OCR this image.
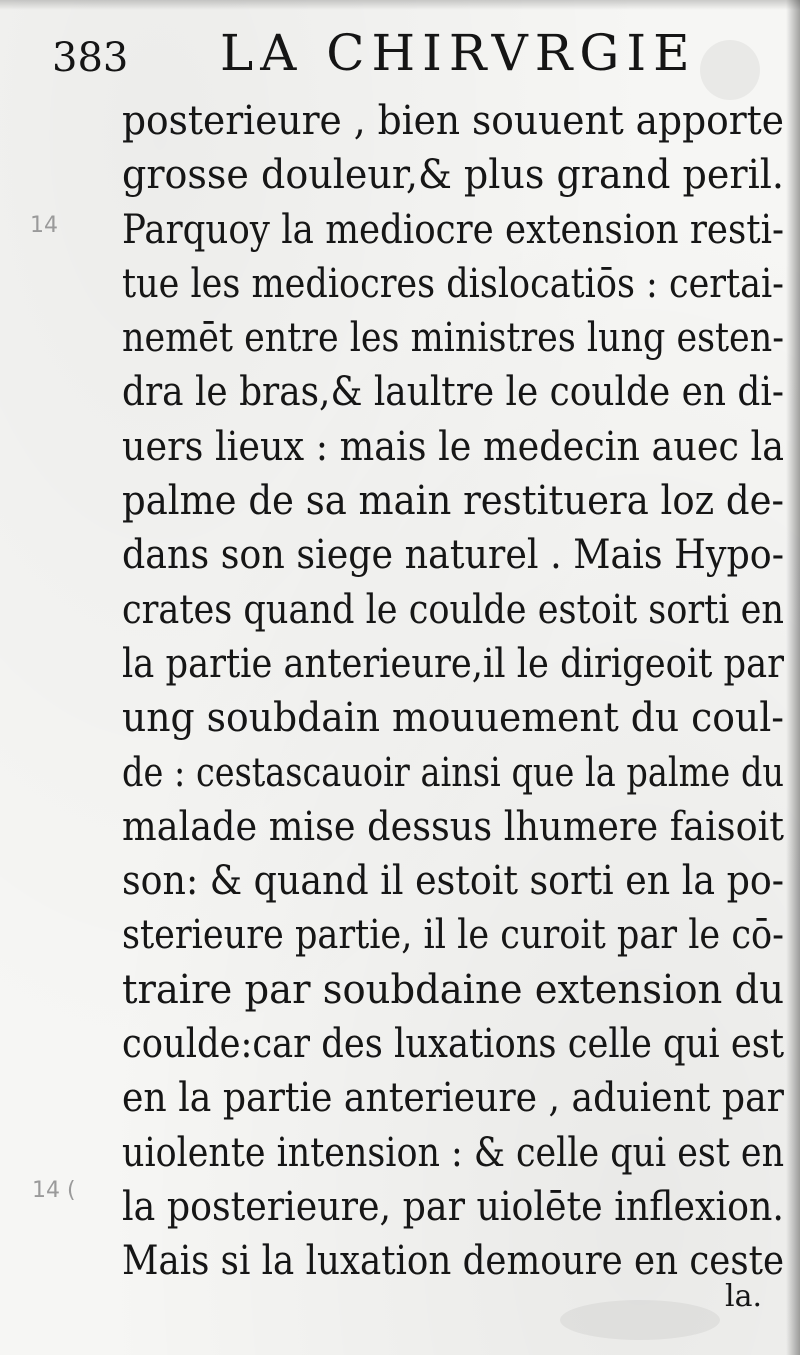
383 LA CHIRVRGIE
14
14 (
posterieure , bien souuent apporte
grosse douleur,& plus grand peril.
Parquoy la mediocre extension resti-
tue les mediocres dislocatiōs : certai-
nemēt entre les ministres lung esten-
dra le bras,& laultre le coulde en di-
uers lieux : mais le medecin auec la
palme de sa main restituera loz de-
dans son siege naturel . Mais Hypo-
crates quand le coulde estoit sorti en
la partie anterieure,il le dirigeoit par
ung soubdain mouuement du coul-
de : cestascauoir ainsi que la palme du
malade mise dessus lhumere faisoit
son: & quand il estoit sorti en la po-
sterieure partie, il le curoit par le cō-
traire par soubdaine extension du
coulde:car des luxations celle qui est
en la partie anterieure , aduient par
uiolente intension : & celle qui est en
la posterieure, par uiolēte inflexion.
Mais si la luxation demoure en ceste
la.
